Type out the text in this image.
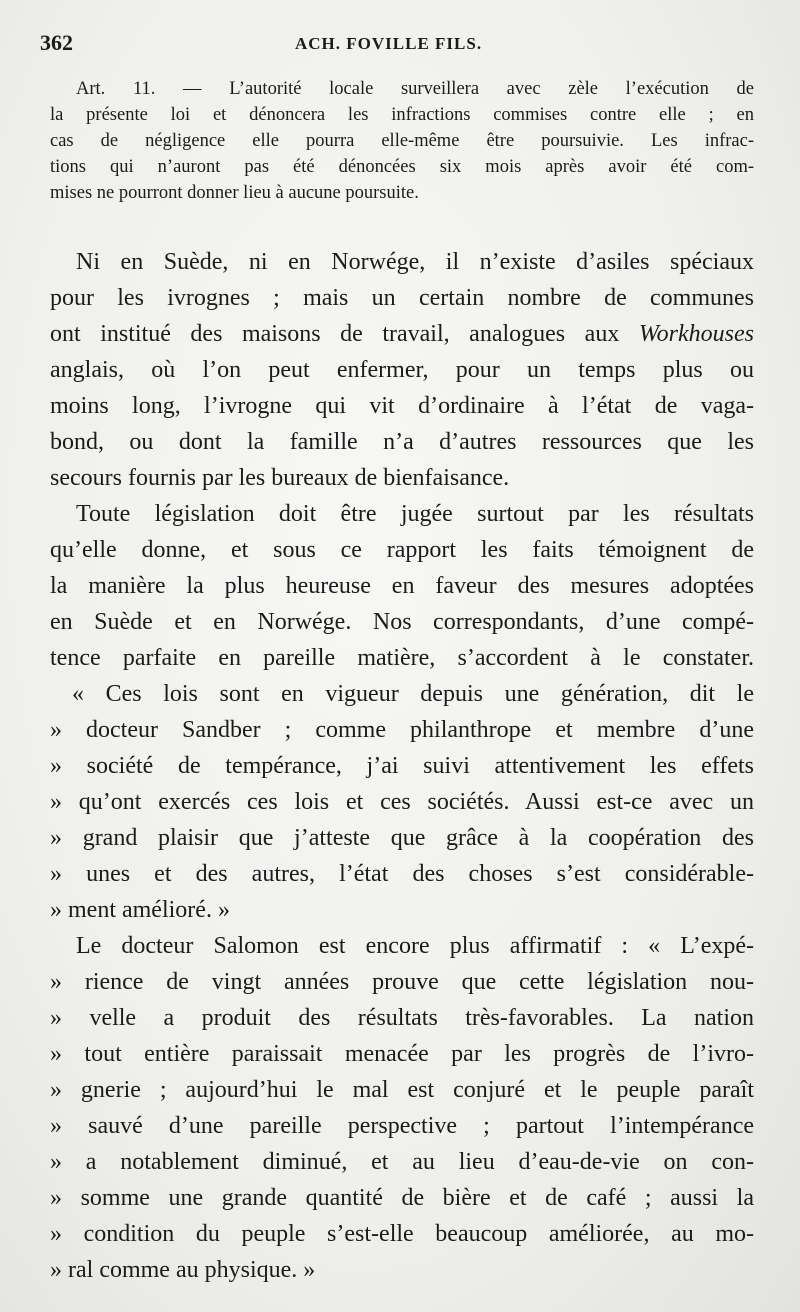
362	ACH. FOVILLE FILS.
Art. 11. — L’autorité locale surveillera avec zèle l’exécution de
la présente loi et dénoncera les infractions commises contre elle ; en
cas de négligence elle pourra elle-même être poursuivie. Les infrac-
tions qui n’auront pas été dénoncées six mois après avoir été com-
mises ne pourront donner lieu à aucune poursuite.
Ni en Suède, ni en Norwége, il n’existe d’asiles spéciaux
pour les ivrognes ; mais un certain nombre de communes
ont institué des maisons de travail, analogues aux Workhouses
anglais, où l’on peut enfermer, pour un temps plus ou
moins long, l’ivrogne qui vit d’ordinaire à l’état de vaga-
bond, ou dont la famille n’a d’autres ressources que les
secours fournis par les bureaux de bienfaisance.
Toute législation doit être jugée surtout par les résultats
qu’elle donne, et sous ce rapport les faits témoignent de
la manière la plus heureuse en faveur des mesures adoptées
en Suède et en Norwége. Nos correspondants, d’une compé-
tence parfaite en pareille matière, s’accordent à le constater.
« Ces lois sont en vigueur depuis une génération, dit le
» docteur Sandber ; comme philanthrope et membre d’une
» société de tempérance, j’ai suivi attentivement les effets
» qu’ont exercés ces lois et ces sociétés. Aussi est-ce avec un
» grand plaisir que j’atteste que grâce à la coopération des
» unes et des autres, l’état des choses s’est considérable-
» ment amélioré. »
Le docteur Salomon est encore plus affirmatif : « L’expé-
» rience de vingt années prouve que cette législation nou-
» velle a produit des résultats très-favorables. La nation
» tout entière paraissait menacée par les progrès de l’ivro-
» gnerie ; aujourd’hui le mal est conjuré et le peuple paraît
» sauvé d’une pareille perspective ; partout l’intempérance
» a notablement diminué, et au lieu d’eau-de-vie on con-
» somme une grande quantité de bière et de café ; aussi la
» condition du peuple s’est-elle beaucoup améliorée, au mo-
» ral comme au physique. »
